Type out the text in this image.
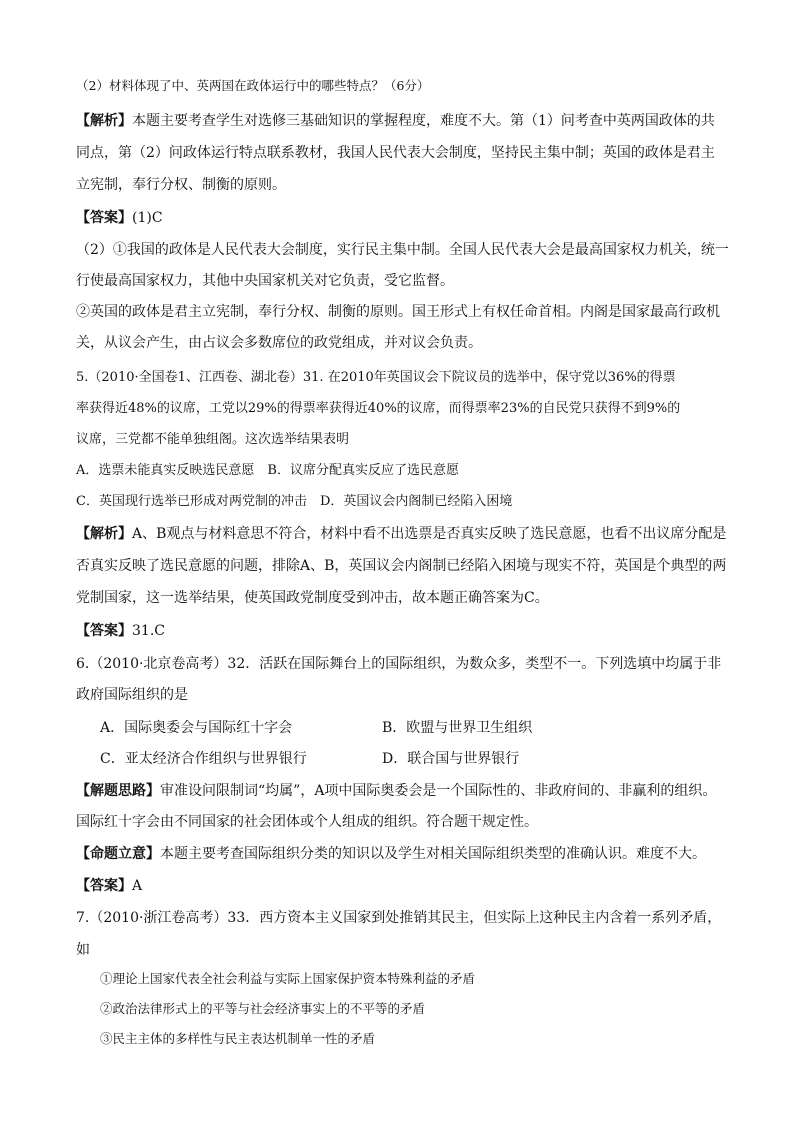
（2）材料体现了中、英两国在政体运行中的哪些特点？（6分）
【解析】本题主要考查学生对选修三基础知识的掌握程度，难度不大。第（1）问考查中英两国政体的共
同点，第（2）问政体运行特点联系教材，我国人民代表大会制度，坚持民主集中制；英国的政体是君主
立宪制，奉行分权、制衡的原则。
【答案】(1)C
（2）①我国的政体是人民代表大会制度，实行民主集中制。全国人民代表大会是最高国家权力机关，统一
行使最高国家权力，其他中央国家机关对它负责，受它监督。
②英国的政体是君主立宪制，奉行分权、制衡的原则。国王形式上有权任命首相。内阁是国家最高行政机
关，从议会产生，由占议会多数席位的政党组成，并对议会负责。
5.（2010·全国卷1、江西卷、湖北卷）31. 在2010年英国议会下院议员的选举中，保守党以36%的得票
率获得近48%的议席，工党以29%的得票率获得近40%的议席，而得票率23%的自民党只获得不到9%的
议席，三党都不能单独组阁。这次选举结果表明
A．选票未能真实反映选民意愿　B．议席分配真实反应了选民意愿
C．英国现行选举已形成对两党制的冲击　D．英国议会内阁制已经陷入困境
【解析】A、B观点与材料意思不符合，材料中看不出选票是否真实反映了选民意愿，也看不出议席分配是
否真实反映了选民意愿的问题，排除A、B，英国议会内阁制已经陷入困境与现实不符，英国是个典型的两
党制国家，这一选举结果，使英国政党制度受到冲击，故本题正确答案为C。
【答案】31.C
6.（2010·北京卷高考）32．活跃在国际舞台上的国际组织，为数众多，类型不一。下列选填中均属于非
政府国际组织的是
A．国际奥委会与国际红十字会	B．欧盟与世界卫生组织
C．亚太经济合作组织与世界银行	D．联合国与世界银行
【解题思路】审准设问限制词“均属”，A项中国际奥委会是一个国际性的、非政府间的、非赢利的组织。
国际红十字会由不同国家的社会团体或个人组成的组织。符合题干规定性。
【命题立意】本题主要考查国际组织分类的知识以及学生对相关国际组织类型的准确认识。难度不大。
【答案】A
7.（2010·浙江卷高考）33．西方资本主义国家到处推销其民主，但实际上这种民主内含着一系列矛盾，
如
①理论上国家代表全社会利益与实际上国家保护资本特殊利益的矛盾
②政治法律形式上的平等与社会经济事实上的不平等的矛盾
③民主主体的多样性与民主表达机制单一性的矛盾
